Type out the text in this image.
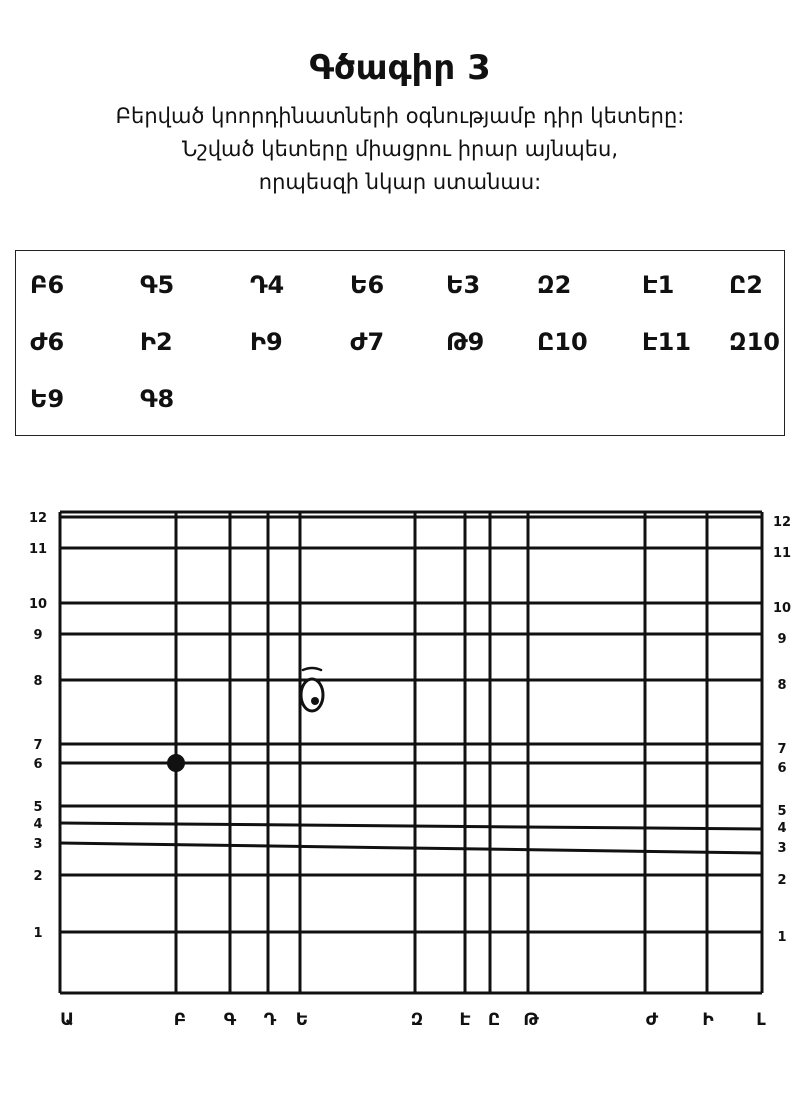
Գծագիր 3
Բերված կոորդինատների օգնությամբ դիր կետերը:
Նշված կետերը միացրու իրար այնպես,
որպեսզի նկար ստանաս:
Բ6	Գ5	Դ4	Ե6	Ե3 Զ2	Է1 Ը2
Ժ6	Ի2	Ի9	Ժ7	Թ9 Ը10 Է11 Զ10
Ե9	Գ8
1
2
3
4
5
6
7
8
9
10
11
12
1
2
3
4
5
6
7
8
9
10
11
12
Ա	Բ Գ Դ Ե	Զ Է Ը Թ	Ժ	Ի	Լ
